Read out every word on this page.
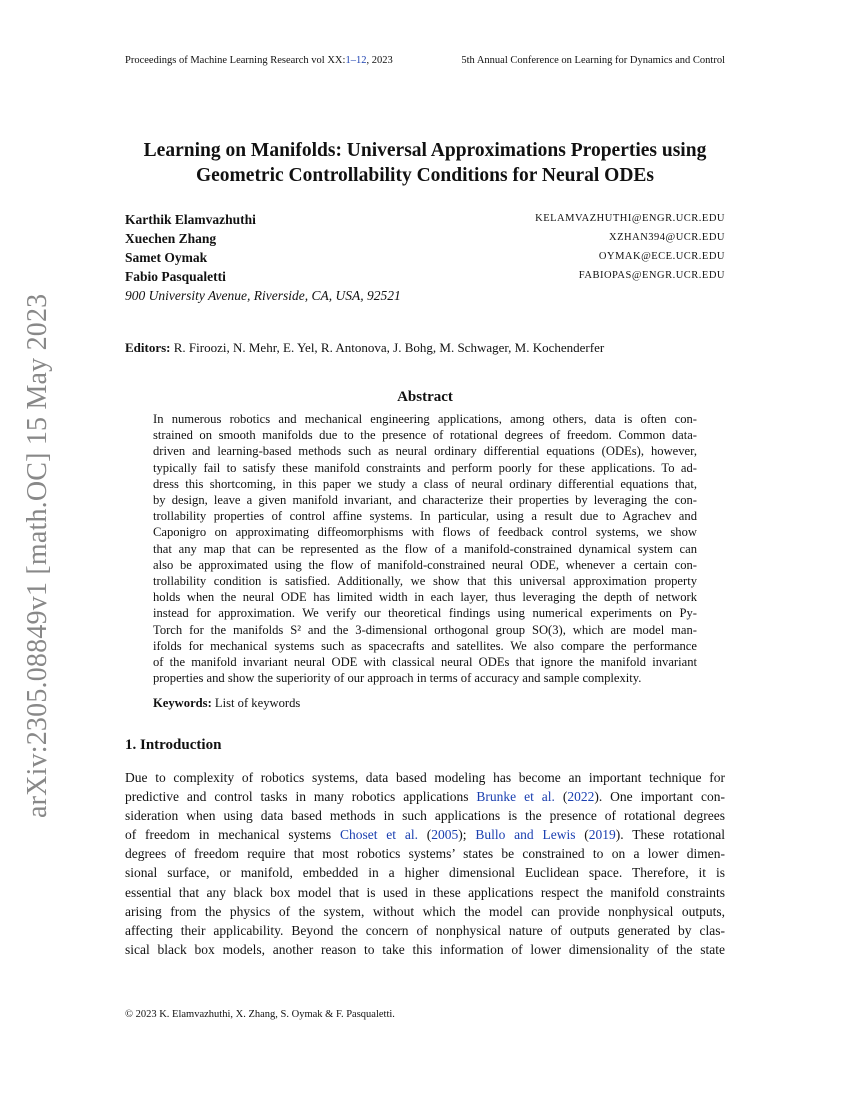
Proceedings of Machine Learning Research vol XX:1–12, 2023	5th Annual Conference on Learning for Dynamics and Control
arXiv:2305.08849v1 [math.OC] 15 May 2023
Learning on Manifolds: Universal Approximations Properties using
Geometric Controllability Conditions for Neural ODEs
Karthik Elamvazhuthi	KELAMVAZHUTHI@ENGR.UCR.EDU
Xuechen Zhang	XZHAN394@UCR.EDU
Samet Oymak	OYMAK@ECE.UCR.EDU
Fabio Pasqualetti	FABIOPAS@ENGR.UCR.EDU
900 University Avenue, Riverside, CA, USA, 92521
Editors: R. Firoozi, N. Mehr, E. Yel, R. Antonova, J. Bohg, M. Schwager, M. Kochenderfer
Abstract
In numerous robotics and mechanical engineering applications, among others, data is often con-
strained on smooth manifolds due to the presence of rotational degrees of freedom. Common data-
driven and learning-based methods such as neural ordinary differential equations (ODEs), however,
typically fail to satisfy these manifold constraints and perform poorly for these applications. To ad-
dress this shortcoming, in this paper we study a class of neural ordinary differential equations that,
by design, leave a given manifold invariant, and characterize their properties by leveraging the con-
trollability properties of control affine systems. In particular, using a result due to Agrachev and
Caponigro on approximating diffeomorphisms with flows of feedback control systems, we show
that any map that can be represented as the flow of a manifold-constrained dynamical system can
also be approximated using the flow of manifold-constrained neural ODE, whenever a certain con-
trollability condition is satisfied. Additionally, we show that this universal approximation property
holds when the neural ODE has limited width in each layer, thus leveraging the depth of network
instead for approximation. We verify our theoretical findings using numerical experiments on Py-
Torch for the manifolds S² and the 3-dimensional orthogonal group SO(3), which are model man-
ifolds for mechanical systems such as spacecrafts and satellites. We also compare the performance
of the manifold invariant neural ODE with classical neural ODEs that ignore the manifold invariant
properties and show the superiority of our approach in terms of accuracy and sample complexity.
Keywords: List of keywords
1. Introduction
Due to complexity of robotics systems, data based modeling has become an important technique for
predictive and control tasks in many robotics applications Brunke et al. (2022). One important con-
sideration when using data based methods in such applications is the presence of rotational degrees
of freedom in mechanical systems Choset et al. (2005); Bullo and Lewis (2019). These rotational
degrees of freedom require that most robotics systems’ states be constrained to on a lower dimen-
sional surface, or manifold, embedded in a higher dimensional Euclidean space. Therefore, it is
essential that any black box model that is used in these applications respect the manifold constraints
arising from the physics of the system, without which the model can provide nonphysical outputs,
affecting their applicability. Beyond the concern of nonphysical nature of outputs generated by clas-
sical black box models, another reason to take this information of lower dimensionality of the state
© 2023 K. Elamvazhuthi, X. Zhang, S. Oymak & F. Pasqualetti.
